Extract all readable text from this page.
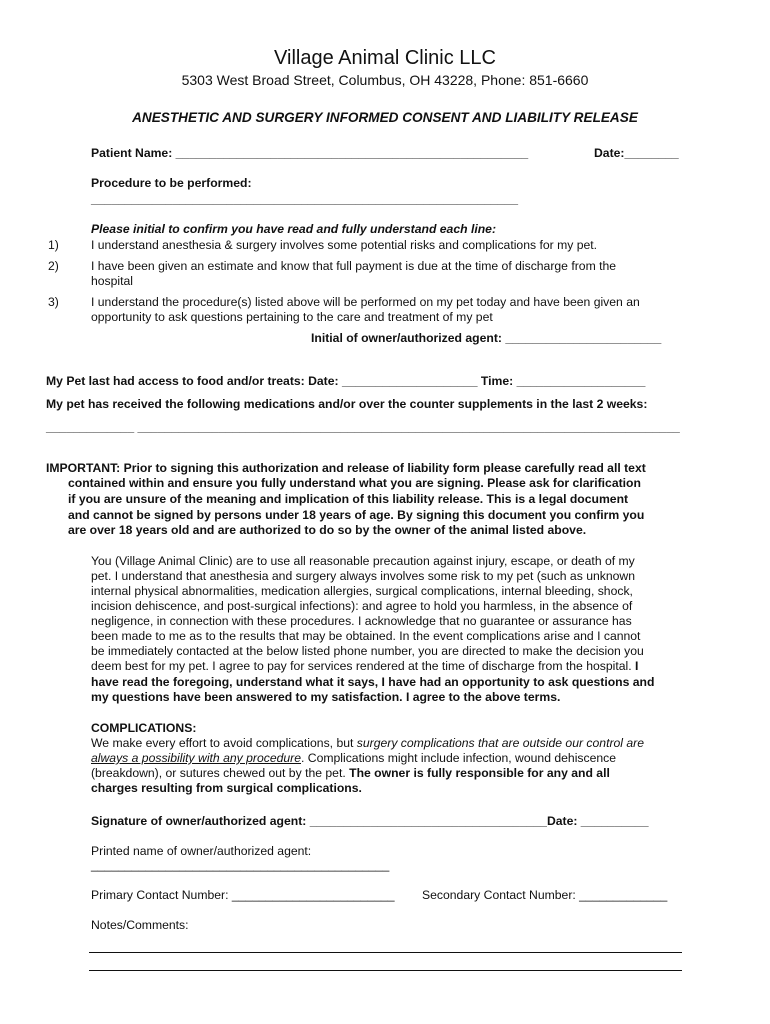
Village Animal Clinic LLC
5303 West Broad Street, Columbus, OH 43228, Phone: 851-6660
ANESTHETIC AND SURGERY INFORMED CONSENT AND LIABILITY RELEASE
Patient Name: ____________________________________________________	Date:________
Procedure to be performed:
_______________________________________________________________
Please initial to confirm you have read and fully understand each line:
1)	I understand anesthesia & surgery involves some potential risks and complications for my pet.
2)	I have been given an estimate and know that full payment is due at the time of discharge from the
hospital
3)	I understand the procedure(s) listed above will be performed on my pet today and have been given an
opportunity to ask questions pertaining to the care and treatment of my pet
Initial of owner/authorized agent: _______________________
My Pet last had access to food and/or treats: Date: ____________________ Time: ___________________
My pet has received the following medications and/or over the counter supplements in the last 2 weeks:
_____________ ________________________________________________________________________________
IMPORTANT: Prior to signing this authorization and release of liability form please carefully read all text
contained within and ensure you fully understand what you are signing. Please ask for clarification
if you are unsure of the meaning and implication of this liability release. This is a legal document
and cannot be signed by persons under 18 years of age. By signing this document you confirm you
are over 18 years old and are authorized to do so by the owner of the animal listed above.
You (Village Animal Clinic) are to use all reasonable precaution against injury, escape, or death of my
pet. I understand that anesthesia and surgery always involves some risk to my pet (such as unknown
internal physical abnormalities, medication allergies, surgical complications, internal bleeding, shock,
incision dehiscence, and post-surgical infections): and agree to hold you harmless, in the absence of
negligence, in connection with these procedures. I acknowledge that no guarantee or assurance has
been made to me as to the results that may be obtained. In the event complications arise and I cannot
be immediately contacted at the below listed phone number, you are directed to make the decision you
deem best for my pet. I agree to pay for services rendered at the time of discharge from the hospital. I
have read the foregoing, understand what it says, I have had an opportunity to ask questions and
my questions have been answered to my satisfaction. I agree to the above terms.
COMPLICATIONS:
We make every effort to avoid complications, but surgery complications that are outside our control are
always a possibility with any procedure. Complications might include infection, wound dehiscence
(breakdown), or sutures chewed out by the pet. The owner is fully responsible for any and all
charges resulting from surgical complications.
Signature of owner/authorized agent: ___________________________________Date: __________
Printed name of owner/authorized agent:
____________________________________________
Primary Contact Number: ________________________ Secondary Contact Number: _____________
Notes/Comments:
